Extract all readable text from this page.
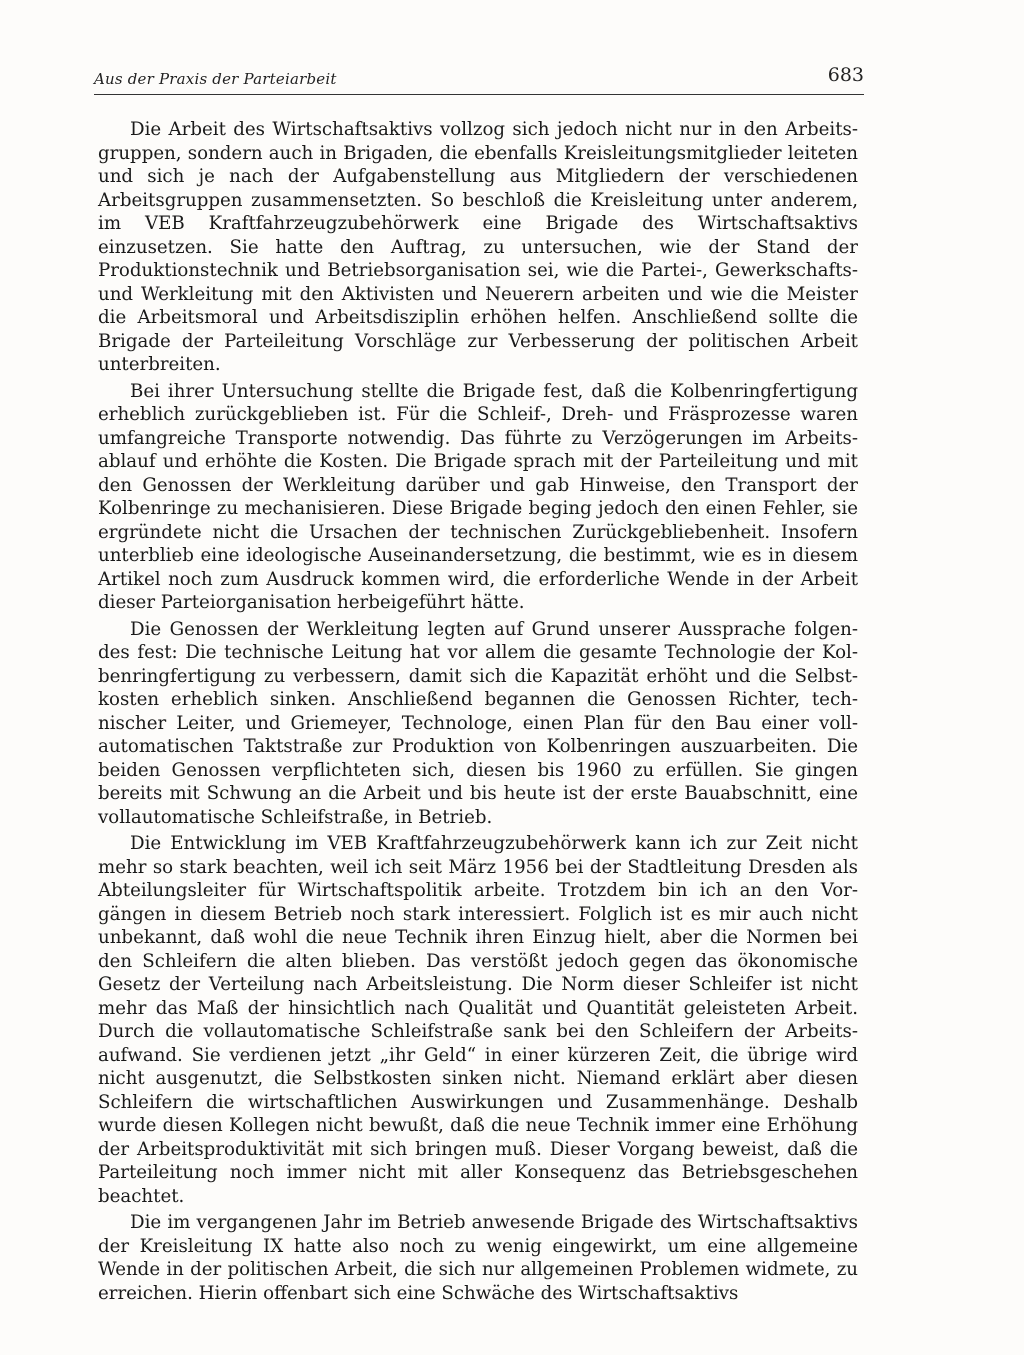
Aus der Praxis der Parteiarbeit	683

Die Arbeit des Wirtschaftsaktivs vollzog sich jedoch nicht nur in den Arbeitsgruppen, sondern auch in Brigaden, die ebenfalls Kreisleitungsmitglieder leiteten und sich je nach der Aufgabenstellung aus Mitgliedern der verschiedenen Arbeitsgruppen zusammensetzten. So beschloß die Kreisleitung unter anderem, im VEB Kraftfahrzeugzubehörwerk eine Brigade des Wirtschaftsaktivs einzusetzen. Sie hatte den Auftrag, zu untersuchen, wie der Stand der Produktionstechnik und Betriebsorganisation sei, wie die Partei-, Gewerkschafts- und Werkleitung mit den Aktivisten und Neuerern arbeiten und wie die Meister die Arbeitsmoral und Arbeitsdisziplin erhöhen helfen. Anschließend sollte die Brigade der Parteileitung Vorschläge zur Verbesserung der politischen Arbeit unterbreiten.

Bei ihrer Untersuchung stellte die Brigade fest, daß die Kolbenringfertigung erheblich zurückgeblieben ist. Für die Schleif-, Dreh- und Fräsprozesse waren umfangreiche Transporte notwendig. Das führte zu Verzögerungen im Arbeitsablauf und erhöhte die Kosten. Die Brigade sprach mit der Parteileitung und mit den Genossen der Werkleitung darüber und gab Hinweise, den Transport der Kolbenringe zu mechanisieren. Diese Brigade beging jedoch den einen Fehler, sie ergründete nicht die Ursachen der technischen Zurückgebliebenheit. Insofern unterblieb eine ideologische Auseinandersetzung, die bestimmt, wie es in diesem Artikel noch zum Ausdruck kommen wird, die erforderliche Wende in der Arbeit dieser Parteiorganisation herbeigeführt hätte.

Die Genossen der Werkleitung legten auf Grund unserer Aussprache folgendes fest: Die technische Leitung hat vor allem die gesamte Technologie der Kolbenringfertigung zu verbessern, damit sich die Kapazität erhöht und die Selbstkosten erheblich sinken. Anschließend begannen die Genossen Richter, technischer Leiter, und Griemeyer, Technologe, einen Plan für den Bau einer vollautomatischen Taktstraße zur Produktion von Kolbenringen auszuarbeiten. Die beiden Genossen verpflichteten sich, diesen bis 1960 zu erfüllen. Sie gingen bereits mit Schwung an die Arbeit und bis heute ist der erste Bauabschnitt, eine vollautomatische Schleifstraße, in Betrieb.

Die Entwicklung im VEB Kraftfahrzeugzubehörwerk kann ich zur Zeit nicht mehr so stark beachten, weil ich seit März 1956 bei der Stadtleitung Dresden als Abteilungsleiter für Wirtschaftspolitik arbeite. Trotzdem bin ich an den Vorgängen in diesem Betrieb noch stark interessiert. Folglich ist es mir auch nicht unbekannt, daß wohl die neue Technik ihren Einzug hielt, aber die Normen bei den Schleifern die alten blieben. Das verstößt jedoch gegen das ökonomische Gesetz der Verteilung nach Arbeitsleistung. Die Norm dieser Schleifer ist nicht mehr das Maß der hinsichtlich nach Qualität und Quantität geleisteten Arbeit. Durch die vollautomatische Schleifstraße sank bei den Schleifern der Arbeitsaufwand. Sie verdienen jetzt „ihr Geld“ in einer kürzeren Zeit, die übrige wird nicht ausgenutzt, die Selbstkosten sinken nicht. Niemand erklärt aber diesen Schleifern die wirtschaftlichen Auswirkungen und Zusammenhänge. Deshalb wurde diesen Kollegen nicht bewußt, daß die neue Technik immer eine Erhöhung der Arbeitsproduktivität mit sich bringen muß. Dieser Vorgang beweist, daß die Parteileitung noch immer nicht mit aller Konsequenz das Betriebsgeschehen beachtet.

Die im vergangenen Jahr im Betrieb anwesende Brigade des Wirtschaftsaktivs der Kreisleitung IX hatte also noch zu wenig eingewirkt, um eine allgemeine Wende in der politischen Arbeit, die sich nur allgemeinen Problemen widmete, zu erreichen. Hierin offenbart sich eine Schwäche des Wirtschaftsaktivs
